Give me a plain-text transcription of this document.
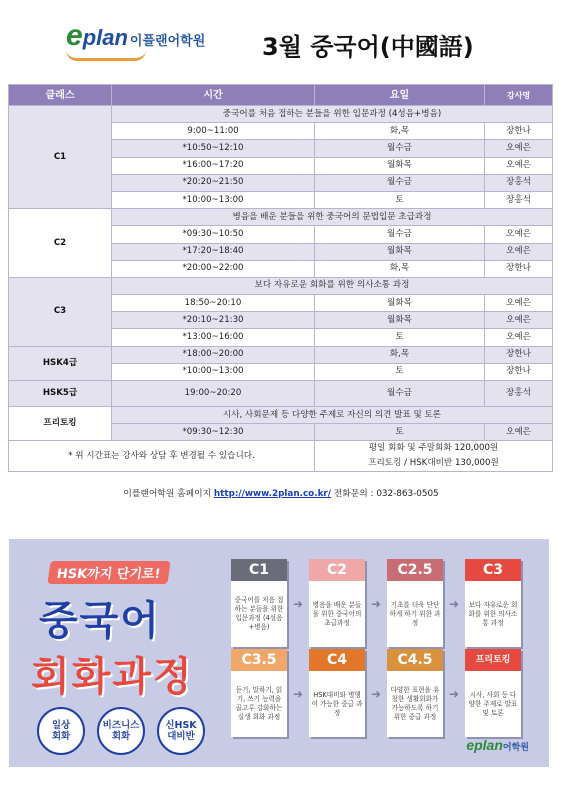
eplan 이플랜어학원 3월 중국어(中國語)
클래스	시간	요일	강사명
C1	중국어를 처음 접하는 분들을 위한 입문과정 (4성음+병음)		
	9:00~11:00	화,목	장한나
	*10:50~12:10	월수금	오예은
	*16:00~17:20	월화목	오예은
	*20:20~21:50	월수금	장홍석
	*10:00~13:00	토	장홍석
C2	병음을 배운 분들을 위한 중국어의 문법입문 초급과정		
	*09:30~10:50	월수금	오예은
	*17:20~18:40	월화목	오예은
	*20:00~22:00	화,목	장한나
C3	보다 자유로운 회화를 위한 의사소통 과정		
	18:50~20:10	월화목	오예은
	*20:10~21:30	월화목	오예은
	*13:00~16:00	토	오예은
HSK4급	*18:00~20:00	화,목	장한나
	*10:00~13:00	토	장한나
HSK5급	19:00~20:20	월수금	장홍석
프리토킹	시사, 사회문제 등 다양한 주제로 자신의 의견 발표 및 토론		
	*09:30~12:30	토	오예은
* 위 시간표는 강사와 상담 후 변경될 수 있습니다.		평일 회화 및 주말회화 120,000원
프리토킹 / HSK대비반 130,000원	
이플랜어학원 홈페이지 http://www.2plan.co.kr/ 전화문의 : 032-863-0505
HSK까지 단기로!
중국어
회화과정
일상
회화
비즈니스
회화
신HSK
대비반
C1
중국어를 처음 접하는 분들을 위한 입문과정 (4성음+병음)
➜
C2
병음을 배운 분들을 위한 중국어의 초급과정
➜
C2.5
기초를 더욱 단단하게 하기 위한 과정
➜
C3
보다 자유로운 회화를 위한 의사소통 과정
C3.5
듣기, 말하기, 읽기, 쓰기 능력을 골고루 강화하는 실생 회화 과정
➜
C4
HSK대비와 병행이 가능한 중급 과정
➜
C4.5
다양한 표현을 유창한 생활회화가 가능하도록 하기 위한 중급 과정
➜
프리토킹
시사, 사회 등 다양한 주제로 발표 및 토론
eplan어학원
